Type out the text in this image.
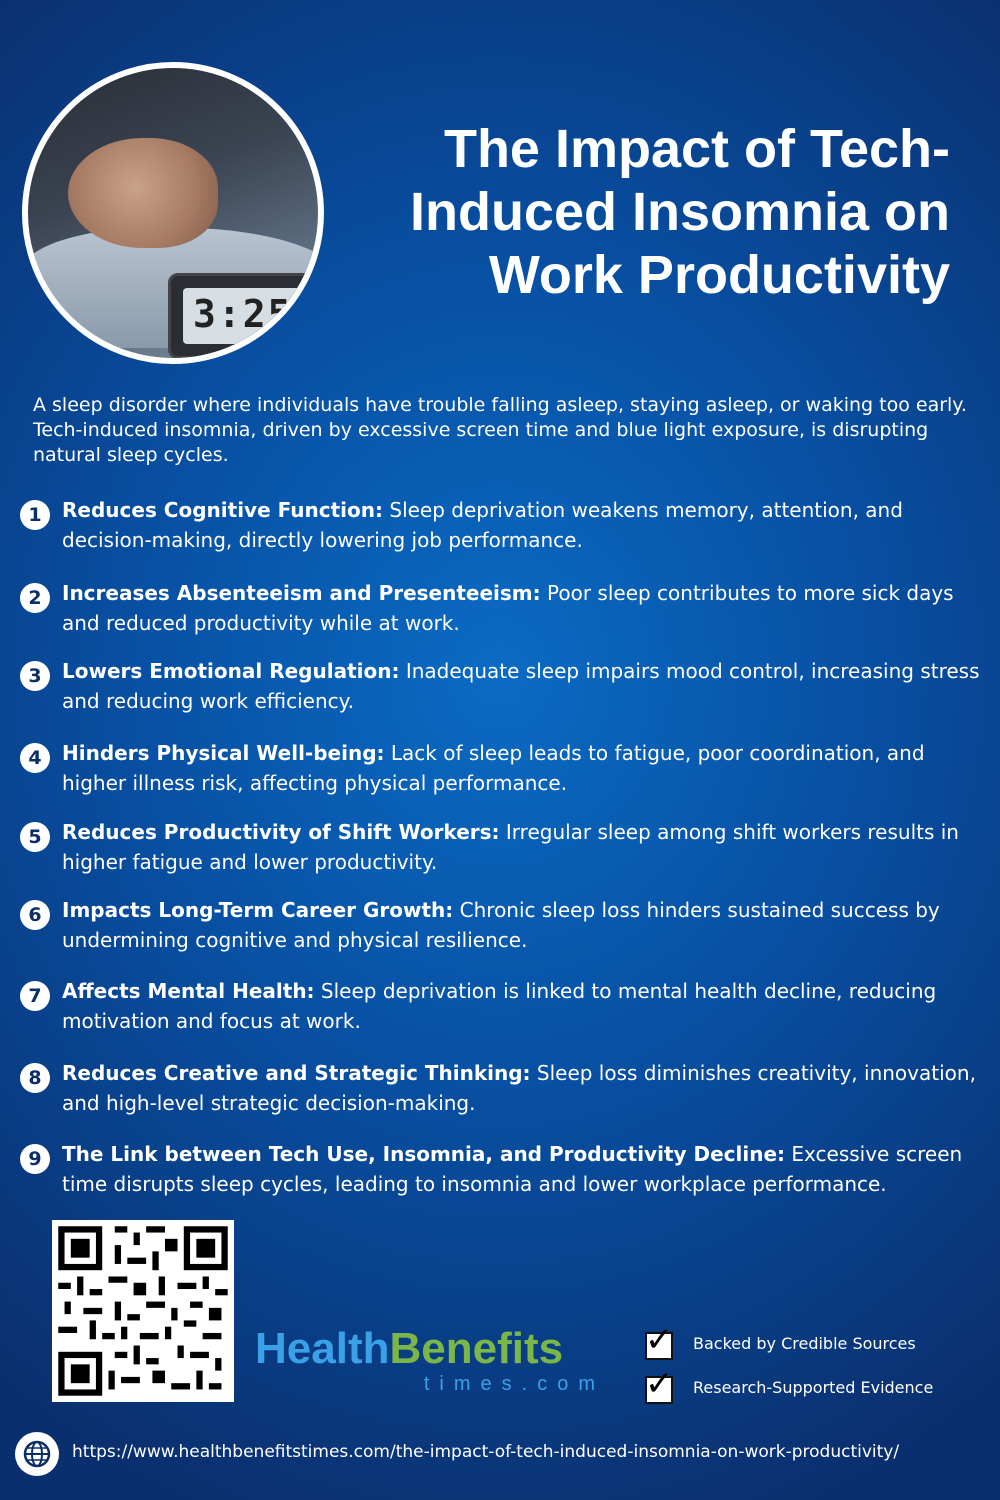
3:25
The Impact of Tech-Induced Insomnia on Work Productivity

A sleep disorder where individuals have trouble falling asleep, staying asleep, or waking too early. Tech-induced insomnia, driven by excessive screen time and blue light exposure, is disrupting natural sleep cycles.

1	Reduces Cognitive Function: Sleep deprivation weakens memory, attention, and decision-making, directly lowering job performance.
2	Increases Absenteeism and Presenteeism: Poor sleep contributes to more sick days and reduced productivity while at work.
3	Lowers Emotional Regulation: Inadequate sleep impairs mood control, increasing stress and reducing work efficiency.
4	Hinders Physical Well-being: Lack of sleep leads to fatigue, poor coordination, and higher illness risk, affecting physical performance.
5	Reduces Productivity of Shift Workers: Irregular sleep among shift workers results in higher fatigue and lower productivity.
6	Impacts Long-Term Career Growth: Chronic sleep loss hinders sustained success by undermining cognitive and physical resilience.
7	Affects Mental Health: Sleep deprivation is linked to mental health decline, reducing motivation and focus at work.
8	Reduces Creative and Strategic Thinking: Sleep loss diminishes creativity, innovation, and high-level strategic decision-making.
9	The Link between Tech Use, Insomnia, and Productivity Decline: Excessive screen time disrupts sleep cycles, leading to insomnia and lower workplace performance.
HealthBenefits
times.com
✓ Backed by Credible Sources
✓ Research-Supported Evidence
https://www.healthbenefitstimes.com/the-impact-of-tech-induced-insomnia-on-work-productivity/
